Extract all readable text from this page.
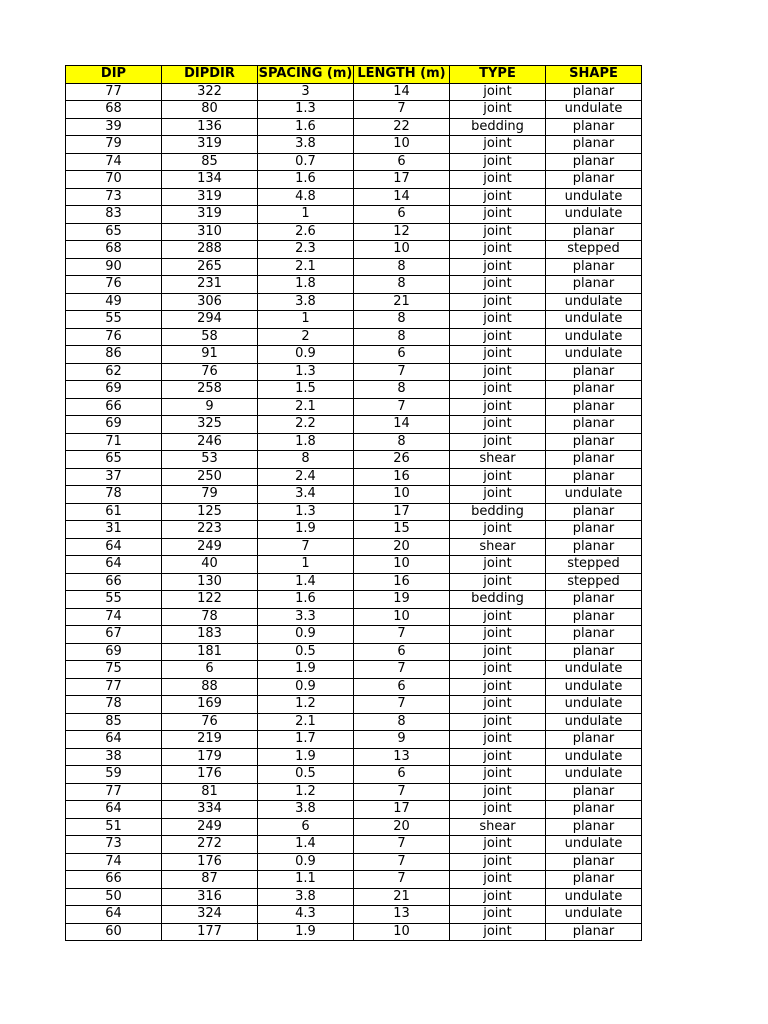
DIP	DIPDIR	SPACING (m)	LENGTH (m)	TYPE	SHAPE
77	322	3	14	joint	planar
68	80	1.3	7	joint	undulate
39	136	1.6	22	bedding	planar
79	319	3.8	10	joint	planar
74	85	0.7	6	joint	planar
70	134	1.6	17	joint	planar
73	319	4.8	14	joint	undulate
83	319	1	6	joint	undulate
65	310	2.6	12	joint	planar
68	288	2.3	10	joint	stepped
90	265	2.1	8	joint	planar
76	231	1.8	8	joint	planar
49	306	3.8	21	joint	undulate
55	294	1	8	joint	undulate
76	58	2	8	joint	undulate
86	91	0.9	6	joint	undulate
62	76	1.3	7	joint	planar
69	258	1.5	8	joint	planar
66	9	2.1	7	joint	planar
69	325	2.2	14	joint	planar
71	246	1.8	8	joint	planar
65	53	8	26	shear	planar
37	250	2.4	16	joint	planar
78	79	3.4	10	joint	undulate
61	125	1.3	17	bedding	planar
31	223	1.9	15	joint	planar
64	249	7	20	shear	planar
64	40	1	10	joint	stepped
66	130	1.4	16	joint	stepped
55	122	1.6	19	bedding	planar
74	78	3.3	10	joint	planar
67	183	0.9	7	joint	planar
69	181	0.5	6	joint	planar
75	6	1.9	7	joint	undulate
77	88	0.9	6	joint	undulate
78	169	1.2	7	joint	undulate
85	76	2.1	8	joint	undulate
64	219	1.7	9	joint	planar
38	179	1.9	13	joint	undulate
59	176	0.5	6	joint	undulate
77	81	1.2	7	joint	planar
64	334	3.8	17	joint	planar
51	249	6	20	shear	planar
73	272	1.4	7	joint	undulate
74	176	0.9	7	joint	planar
66	87	1.1	7	joint	planar
50	316	3.8	21	joint	undulate
64	324	4.3	13	joint	undulate
60	177	1.9	10	joint	planar
